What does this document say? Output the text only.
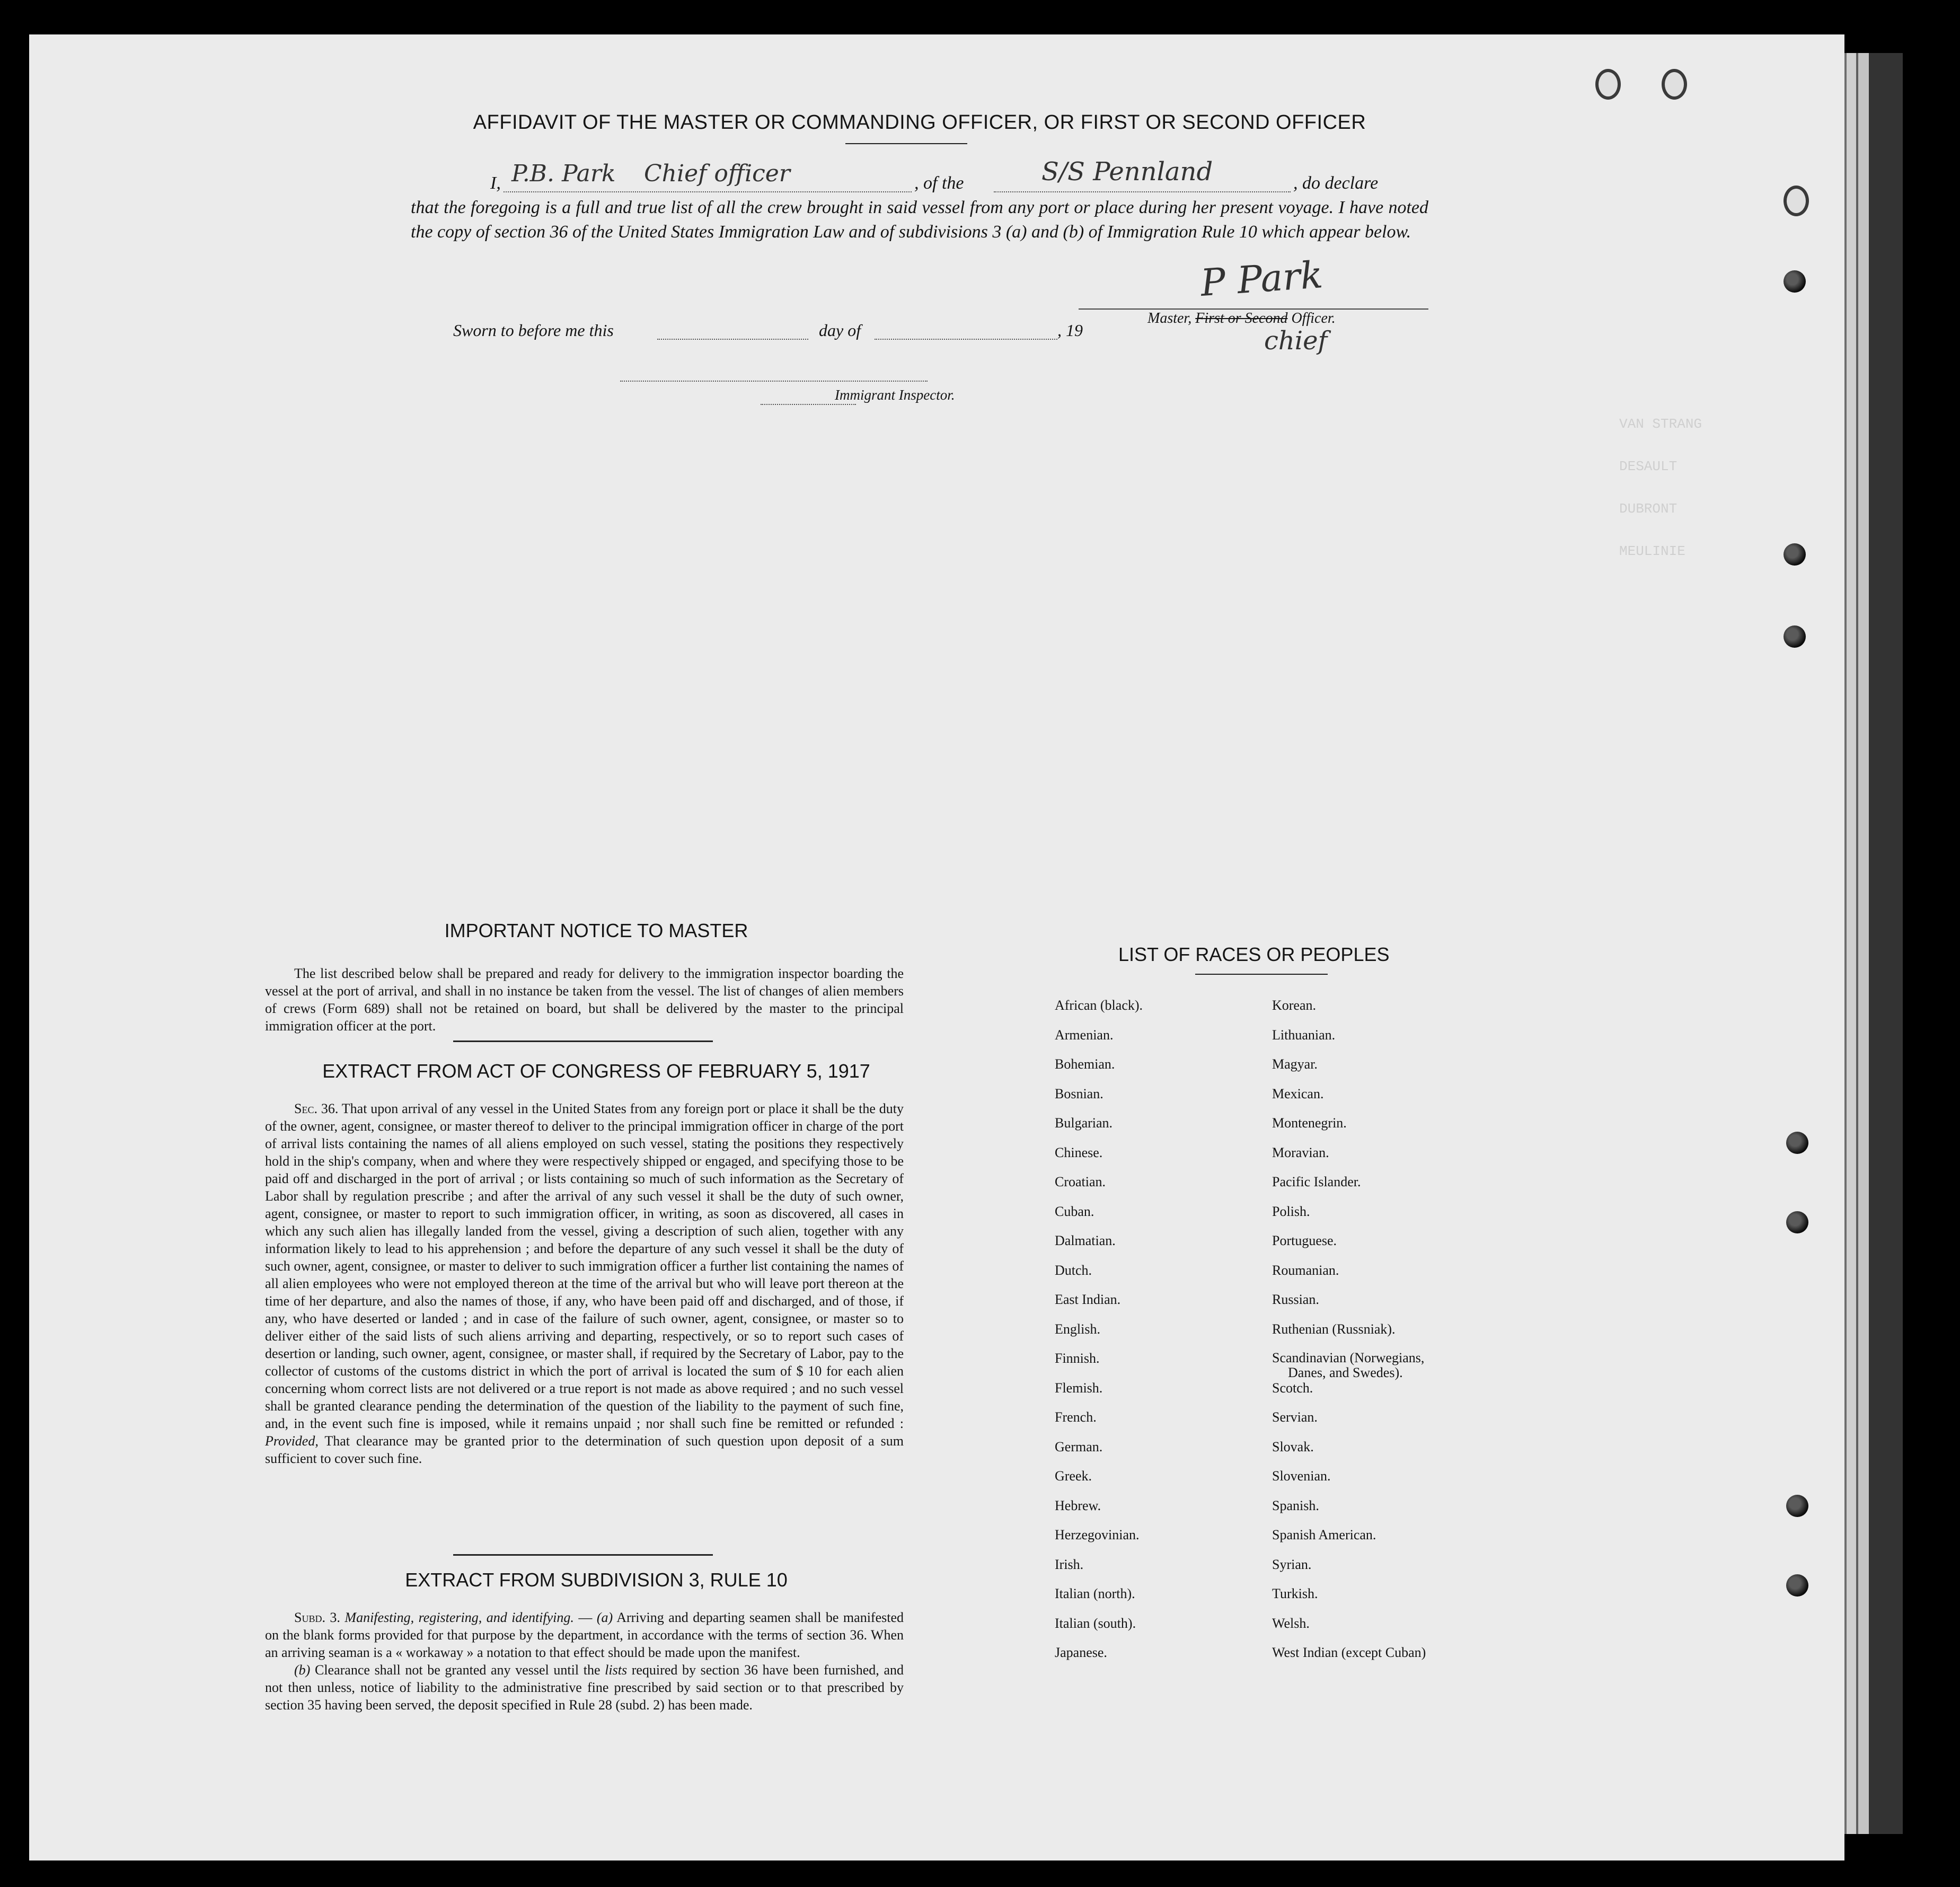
VAN STRANG
DESAULT
DUBRONT
MEULINIE
AFFIDAVIT OF THE MASTER OR COMMANDING OFFICER, OR FIRST OR SECOND OFFICER
I, P.B. Park Chief officer	, of the	S/S Pennland	, do declare
that the foregoing is a full and true list of all the crew brought in said vessel from any port or place during her present voyage. I have noted the copy of section 36 of the United States Immigration Law and of subdivisions 3 (a) and (b) of Immigration Rule 10 which appear below.
P Park
Master, First or Second Officer.
chief
Sworn to before me this	day of	, 19
Immigrant Inspector.
IMPORTANT NOTICE TO MASTER

The list described below shall be prepared and ready for delivery to the immigration inspector boarding the vessel at the port of arrival, and shall in no instance be taken from the vessel. The list of changes of alien members of crews (Form 689) shall not be retained on board, but shall be delivered by the master to the principal immigration officer at the port.

EXTRACT FROM ACT OF CONGRESS OF FEBRUARY 5, 1917

Sec. 36. That upon arrival of any vessel in the United States from any foreign port or place it shall be the duty of the owner, agent, consignee, or master thereof to deliver to the principal immigration officer in charge of the port of arrival lists containing the names of all aliens employed on such vessel, stating the positions they respectively hold in the ship's company, when and where they were respectively shipped or engaged, and specifying those to be paid off and discharged in the port of arrival ; or lists containing so much of such information as the Secretary of Labor shall by regulation prescribe ; and after the arrival of any such vessel it shall be the duty of such owner, agent, consignee, or master to report to such immigration officer, in writing, as soon as discovered, all cases in which any such alien has illegally landed from the vessel, giving a description of such alien, together with any information likely to lead to his apprehension ; and before the departure of any such vessel it shall be the duty of such owner, agent, consignee, or master to deliver to such immigration officer a further list containing the names of all alien employees who were not employed thereon at the time of the arrival but who will leave port thereon at the time of her departure, and also the names of those, if any, who have been paid off and discharged, and of those, if any, who have deserted or landed ; and in case of the failure of such owner, agent, consignee, or master so to deliver either of the said lists of such aliens arriving and departing, respectively, or so to report such cases of desertion or landing, such owner, agent, consignee, or master shall, if required by the Secretary of Labor, pay to the collector of customs of the customs district in which the port of arrival is located the sum of $ 10 for each alien concerning whom correct lists are not delivered or a true report is not made as above required ; and no such vessel shall be granted clearance pending the determination of the question of the liability to the payment of such fine, and, in the event such fine is imposed, while it remains unpaid ; nor shall such fine be remitted or refunded : Provided, That clearance may be granted prior to the determination of such question upon deposit of a sum sufficient to cover such fine.

EXTRACT FROM SUBDIVISION 3, RULE 10

Subd. 3. Manifesting, registering, and identifying. — (a) Arriving and departing seamen shall be manifested on the blank forms provided for that purpose by the department, in accordance with the terms of section 36. When an arriving seaman is a « workaway » a notation to that effect should be made upon the manifest.

(b) Clearance shall not be granted any vessel until the lists required by section 36 have been furnished, and not then unless, notice of liability to the administrative fine prescribed by said section or to that prescribed by section 35 having been served, the deposit specified in Rule 28 (subd. 2) has been made.

LIST OF RACES OR PEOPLES
African (black).
Armenian.
Bohemian.
Bosnian.
Bulgarian.
Chinese.
Croatian.
Cuban.
Dalmatian.
Dutch.
East Indian.
English.
Finnish.
Flemish.
French.
German.
Greek.
Hebrew.
Herzegovinian.
Irish.
Italian (north).
Italian (south).
Japanese.
Korean.
Lithuanian.
Magyar.
Mexican.
Montenegrin.
Moravian.
Pacific Islander.
Polish.
Portuguese.
Roumanian.
Russian.
Ruthenian (Russniak).
Scandinavian (Norwegians,
Danes, and Swedes).
Scotch.
Servian.
Slovak.
Slovenian.
Spanish.
Spanish American.
Syrian.
Turkish.
Welsh.
West Indian (except Cuban)
